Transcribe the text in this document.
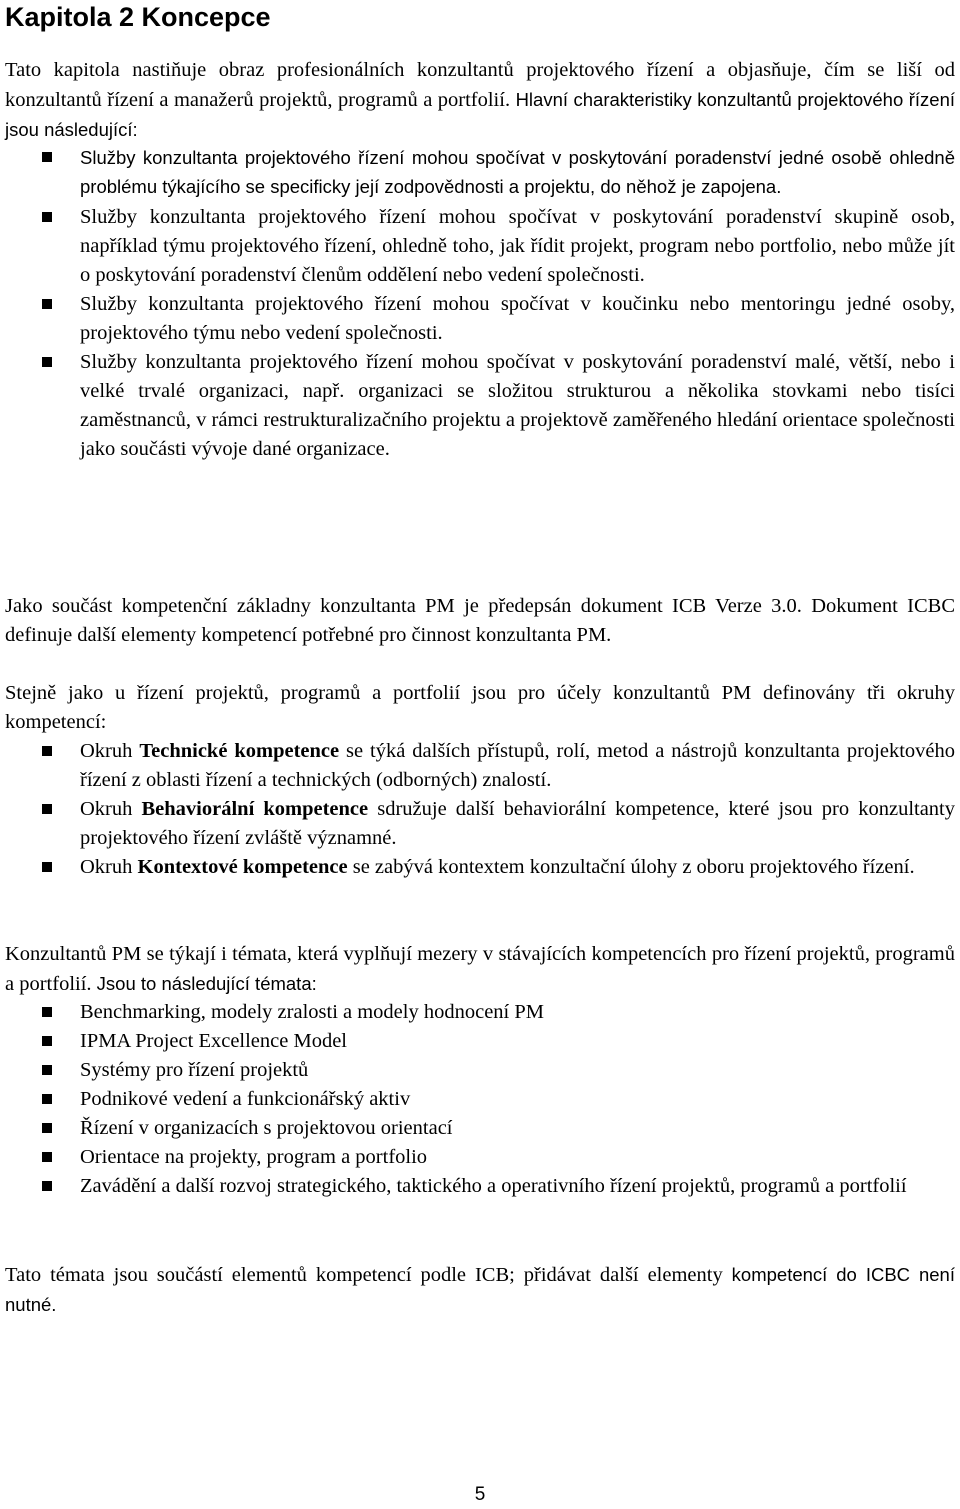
Kapitola 2 Koncepce

Tato kapitola nastiňuje obraz profesionálních konzultantů projektového řízení a objasňuje, čím se liší od konzultantů řízení a manažerů projektů, programů a portfolií. Hlavní charakteristiky konzultantů projektového řízení jsou následující:

Služby konzultanta projektového řízení mohou spočívat v poskytování poradenství jedné osobě ohledně problému týkajícího se specificky její zodpovědnosti a projektu, do něhož je zapojena.
Služby konzultanta projektového řízení mohou spočívat v poskytování poradenství skupině osob, například týmu projektového řízení, ohledně toho, jak řídit projekt, program nebo portfolio, nebo může jít o poskytování poradenství členům oddělení nebo vedení společnosti.
Služby konzultanta projektového řízení mohou spočívat v koučinku nebo mentoringu jedné osoby, projektového týmu nebo vedení společnosti.
Služby konzultanta projektového řízení mohou spočívat v poskytování poradenství malé, větší, nebo i velké trvalé organizaci, např. organizaci se složitou strukturou a několika stovkami nebo tisíci zaměstnanců, v rámci restrukturalizačního projektu a projektově zaměřeného hledání orientace společnosti jako součásti vývoje dané organizace.

Jako součást kompetenční základny konzultanta PM je předepsán dokument ICB Verze 3.0. Dokument ICBC definuje další elementy kompetencí potřebné pro činnost konzultanta PM.

Stejně jako u řízení projektů, programů a portfolií jsou pro účely konzultantů PM definovány tři okruhy kompetencí:

Okruh Technické kompetence se týká dalších přístupů, rolí, metod a nástrojů konzultanta projektového řízení z oblasti řízení a technických (odborných) znalostí.
Okruh Behaviorální kompetence sdružuje další behaviorální kompetence, které jsou pro konzultanty projektového řízení zvláště významné.
Okruh Kontextové kompetence se zabývá kontextem konzultační úlohy z oboru projektového řízení.

Konzultantů PM se týkají i témata, která vyplňují mezery v stávajících kompetencích pro řízení projektů, programů a portfolií. Jsou to následující témata:

Benchmarking, modely zralosti a modely hodnocení PM
IPMA Project Excellence Model
Systémy pro řízení projektů
Podnikové vedení a funkcionářský aktiv
Řízení v organizacích s projektovou orientací
Orientace na projekty, program a portfolio
Zavádění a další rozvoj strategického, taktického a operativního řízení projektů, programů a portfolií

Tato témata jsou součástí elementů kompetencí podle ICB; přidávat další elementy kompetencí do ICBC není nutné.

5
